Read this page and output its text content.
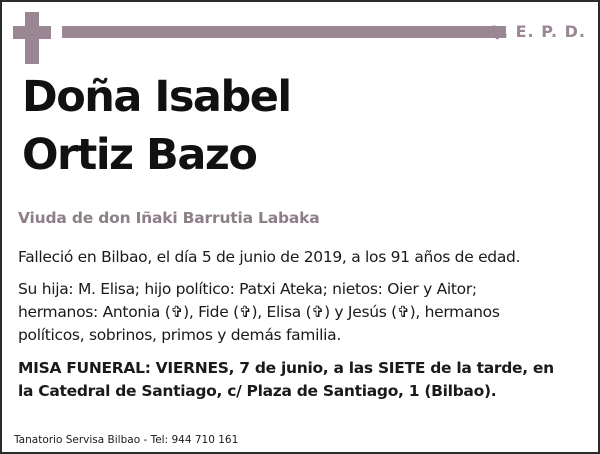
Q. E. P. D.
Doña Isabel
Ortiz Bazo
Viuda de don Iñaki Barrutia Labaka

Falleció en Bilbao, el día 5 de junio de 2019, a los 91 años de edad.

Su hija: M. Elisa; hijo político: Patxi Ateka; nietos: Oier y Aitor;
hermanos: Antonia (✞), Fide (✞), Elisa (✞) y Jesús (✞), hermanos
políticos, sobrinos, primos y demás familia.

MISA FUNERAL: VIERNES, 7 de junio, a las SIETE de la tarde, en
la Catedral de Santiago, c/ Plaza de Santiago, 1 (Bilbao).

Tanatorio Servisa Bilbao - Tel: 944 710 161
